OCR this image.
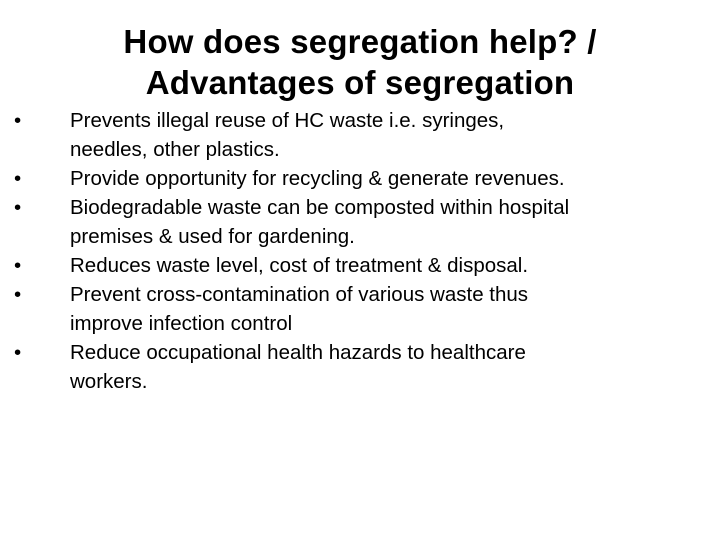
How does segregation help? /
Advantages of segregation
•	Prevents illegal reuse of HC waste i.e. syringes,
needles, other plastics.
•	Provide opportunity for recycling & generate revenues.
•	Biodegradable waste can be composted within hospital
premises & used for gardening.
•	Reduces waste level, cost of treatment & disposal.
•	Prevent cross-contamination of various waste thus
improve infection control
•	Reduce occupational health hazards to healthcare
workers.
